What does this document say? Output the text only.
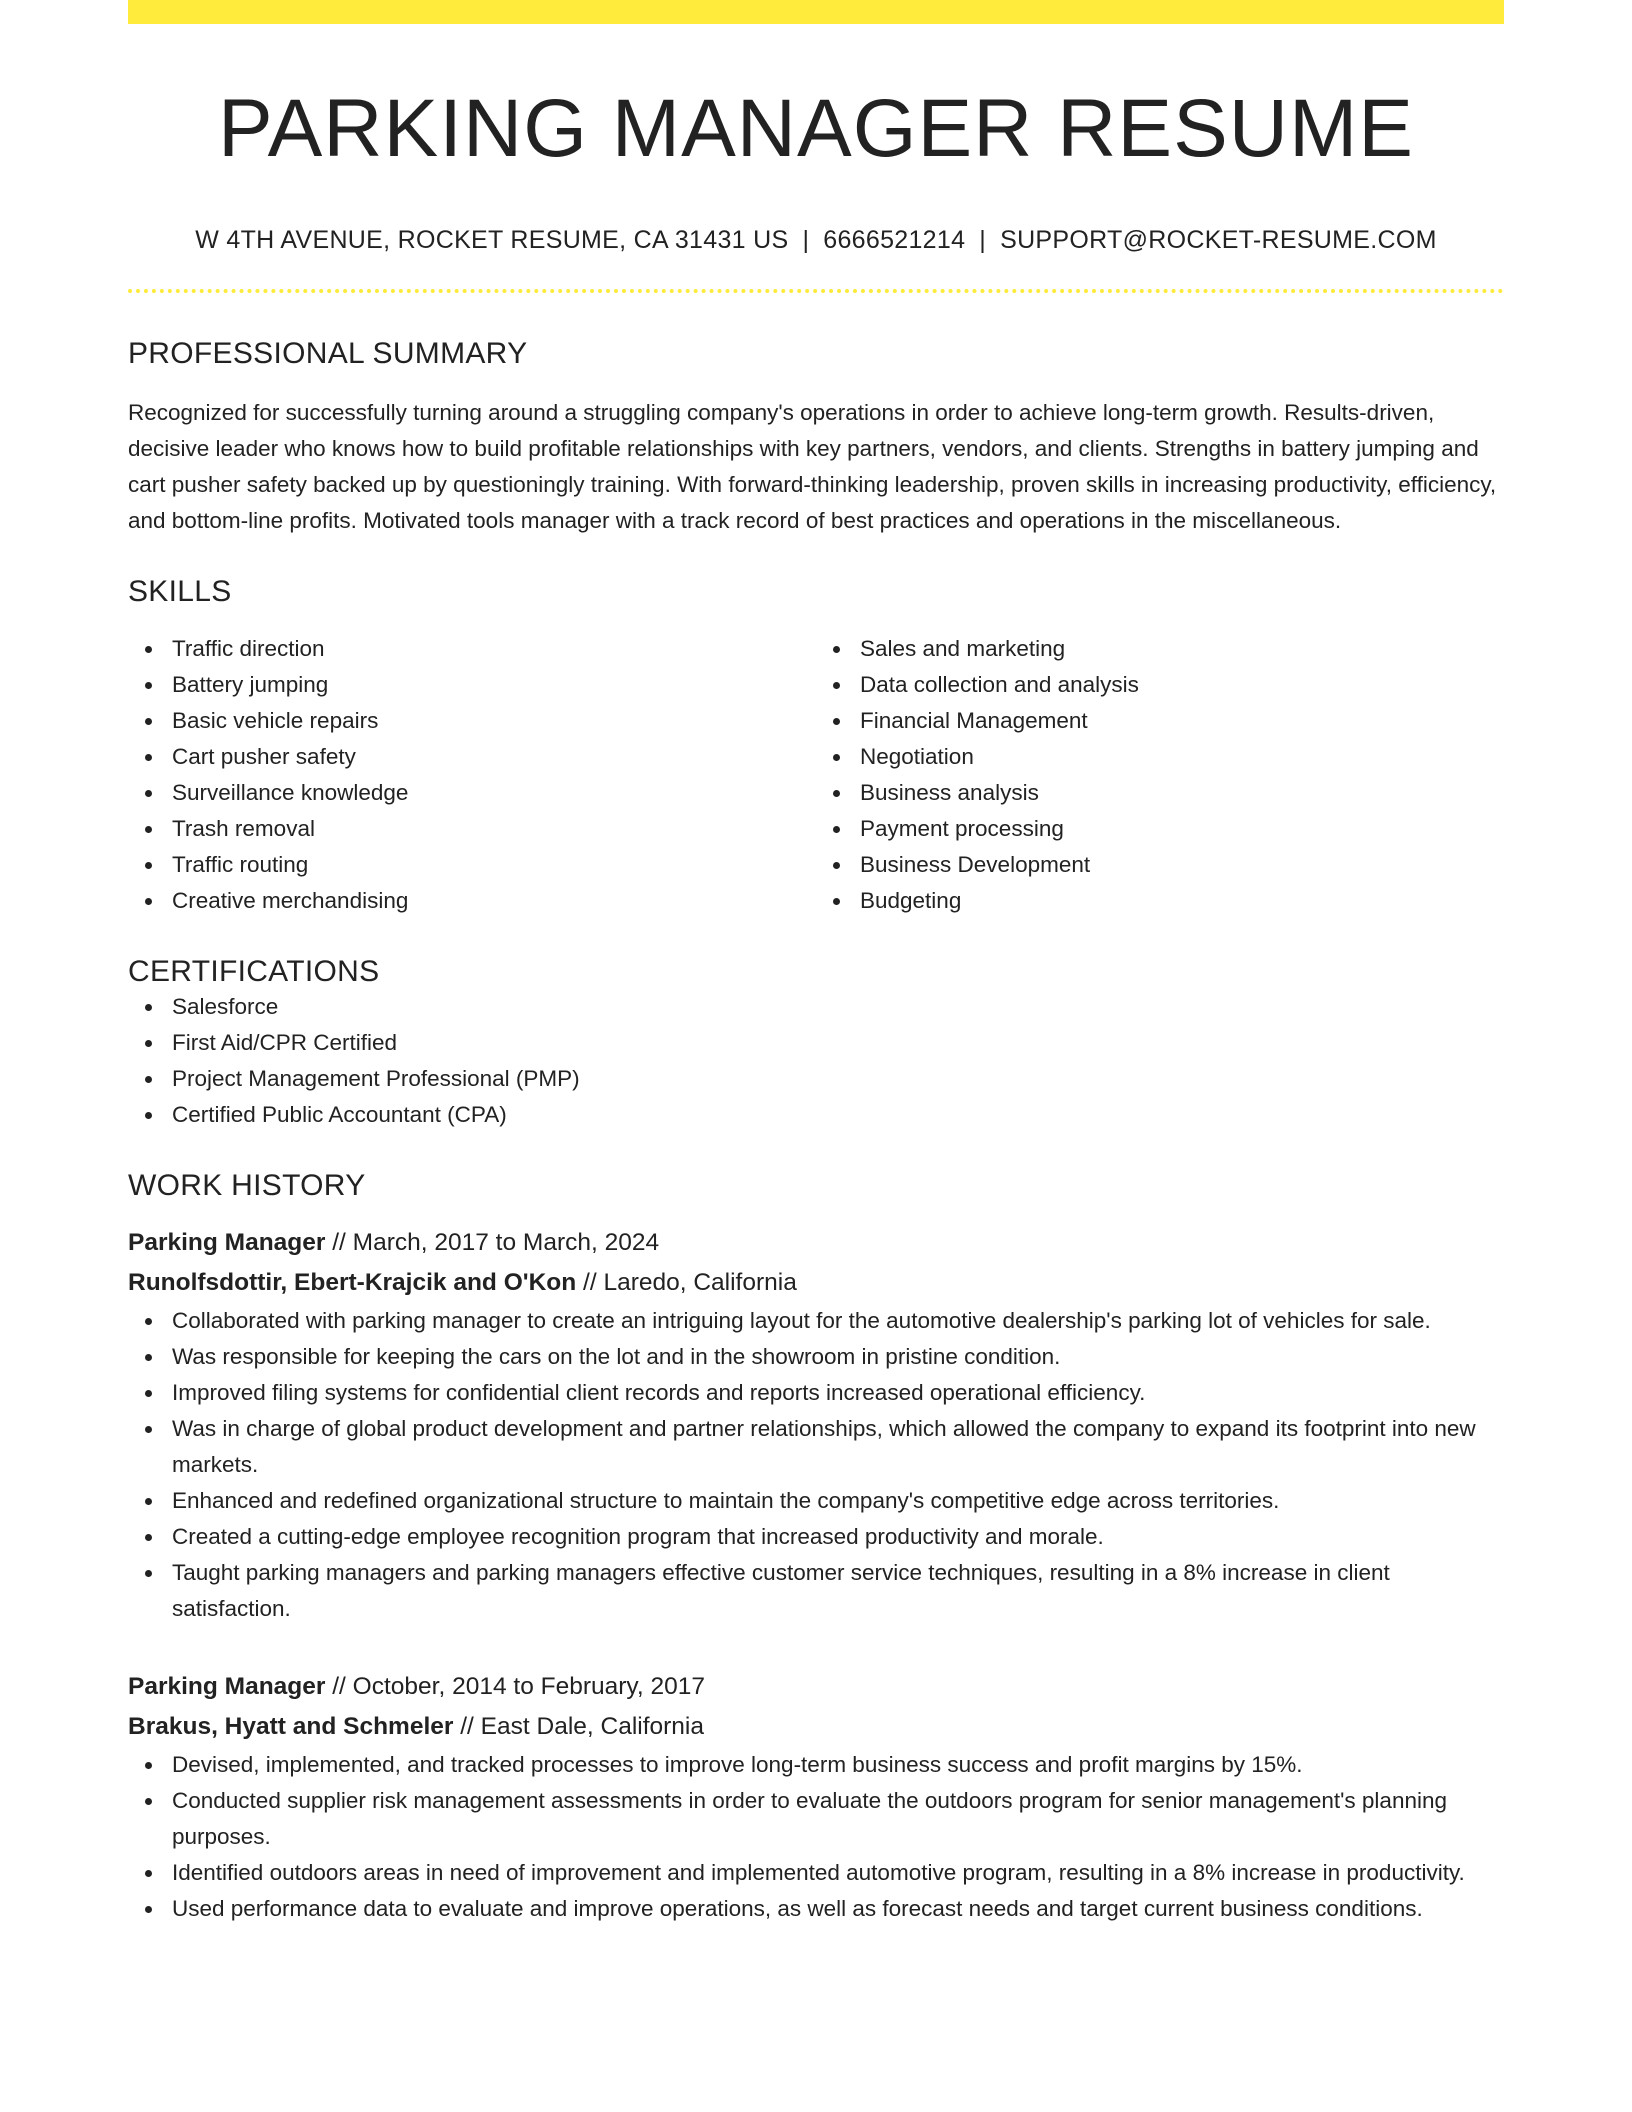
PARKING MANAGER RESUME
W 4TH AVENUE, ROCKET RESUME, CA 31431 US | 6666521214 | SUPPORT@ROCKET-RESUME.COM
PROFESSIONAL SUMMARY
Recognized for successfully turning around a struggling company's operations in order to achieve long-term growth. Results-driven, decisive leader who knows how to build profitable relationships with key partners, vendors, and clients. Strengths in battery jumping and cart pusher safety backed up by questioningly training. With forward-thinking leadership, proven skills in increasing productivity, efficiency, and bottom-line profits. Motivated tools manager with a track record of best practices and operations in the miscellaneous.
SKILLS
Traffic direction
Battery jumping
Basic vehicle repairs
Cart pusher safety
Surveillance knowledge
Trash removal
Traffic routing
Creative merchandising
Sales and marketing
Data collection and analysis
Financial Management
Negotiation
Business analysis
Payment processing
Business Development
Budgeting
CERTIFICATIONS
Salesforce
First Aid/CPR Certified
Project Management Professional (PMP)
Certified Public Accountant (CPA)
WORK HISTORY
Parking Manager // March, 2017 to March, 2024
Runolfsdottir, Ebert-Krajcik and O'Kon // Laredo, California
Collaborated with parking manager to create an intriguing layout for the automotive dealership's parking lot of vehicles for sale.
Was responsible for keeping the cars on the lot and in the showroom in pristine condition.
Improved filing systems for confidential client records and reports increased operational efficiency.
Was in charge of global product development and partner relationships, which allowed the company to expand its footprint into new markets.
Enhanced and redefined organizational structure to maintain the company's competitive edge across territories.
Created a cutting-edge employee recognition program that increased productivity and morale.
Taught parking managers and parking managers effective customer service techniques, resulting in a 8% increase in client satisfaction.
Parking Manager // October, 2014 to February, 2017
Brakus, Hyatt and Schmeler // East Dale, California
Devised, implemented, and tracked processes to improve long-term business success and profit margins by 15%.
Conducted supplier risk management assessments in order to evaluate the outdoors program for senior management's planning purposes.
Identified outdoors areas in need of improvement and implemented automotive program, resulting in a 8% increase in productivity.
Used performance data to evaluate and improve operations, as well as forecast needs and target current business conditions.
